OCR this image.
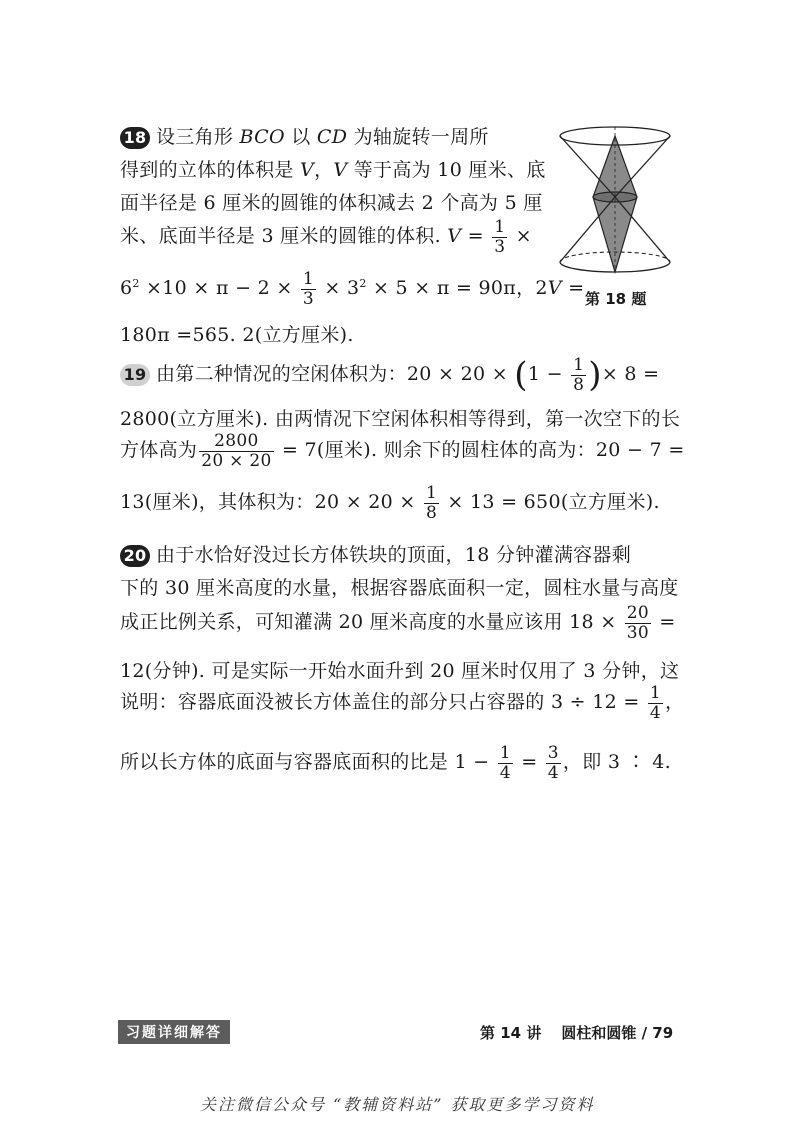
18 设三角形 BCO 以 CD 为轴旋转一周所
得到的立体的体积是 V，V 等于高为 10 厘米、底
面半径是 6 厘米的圆锥的体积减去 2 个高为 5 厘
米、底面半径是 3 厘米的圆锥的体积. $V = \frac{1}{3}$ ×
$6^2 \times 10 \times \pi - 2 \times \frac{1}{3} \times 3^2 \times 5 \times \pi = 90\pi$，2V =
180π =565. 2(立方厘米).
第 18 题
19 由第二种情况的空闲体积为：$20 \times 20 \times (1 - \frac{1}{8}$ )× 8 =
2800(立方厘米). 由两情况下空闲体积相等得到，第一次空下的长
方体高为 $\frac{2800}{20 \times 20} = 7$(厘米). 则余下的圆柱体的高为：20 − 7 =
13(厘米)，其体积为：$20 \times 20 \times \frac{1}{8} \times 13 = 650$(立方厘米).
20 由于水恰好没过长方体铁块的顶面，18 分钟灌满容器剩
下的 30 厘米高度的水量，根据容器底面积一定，圆柱水量与高度
成正比例关系，可知灌满 20 厘米高度的水量应该用 $18 \times \frac{20}{30}$ =
12(分钟). 可是实际一开始水面升到 20 厘米时仅用了 3 分钟，这
说明：容器底面没被长方体盖住的部分只占容器的 $3 \div 12 = \frac{1}{4}$ ，
所以长方体的底面与容器底面积的比是 $1 - \frac{1}{4} = \frac{3}{4}$ ，即 3 ∶ 4.
习题详细解答	第 14 讲 圆柱和圆锥 / 79
关注微信公众号 “教辅资料站” 获取更多学习资料
